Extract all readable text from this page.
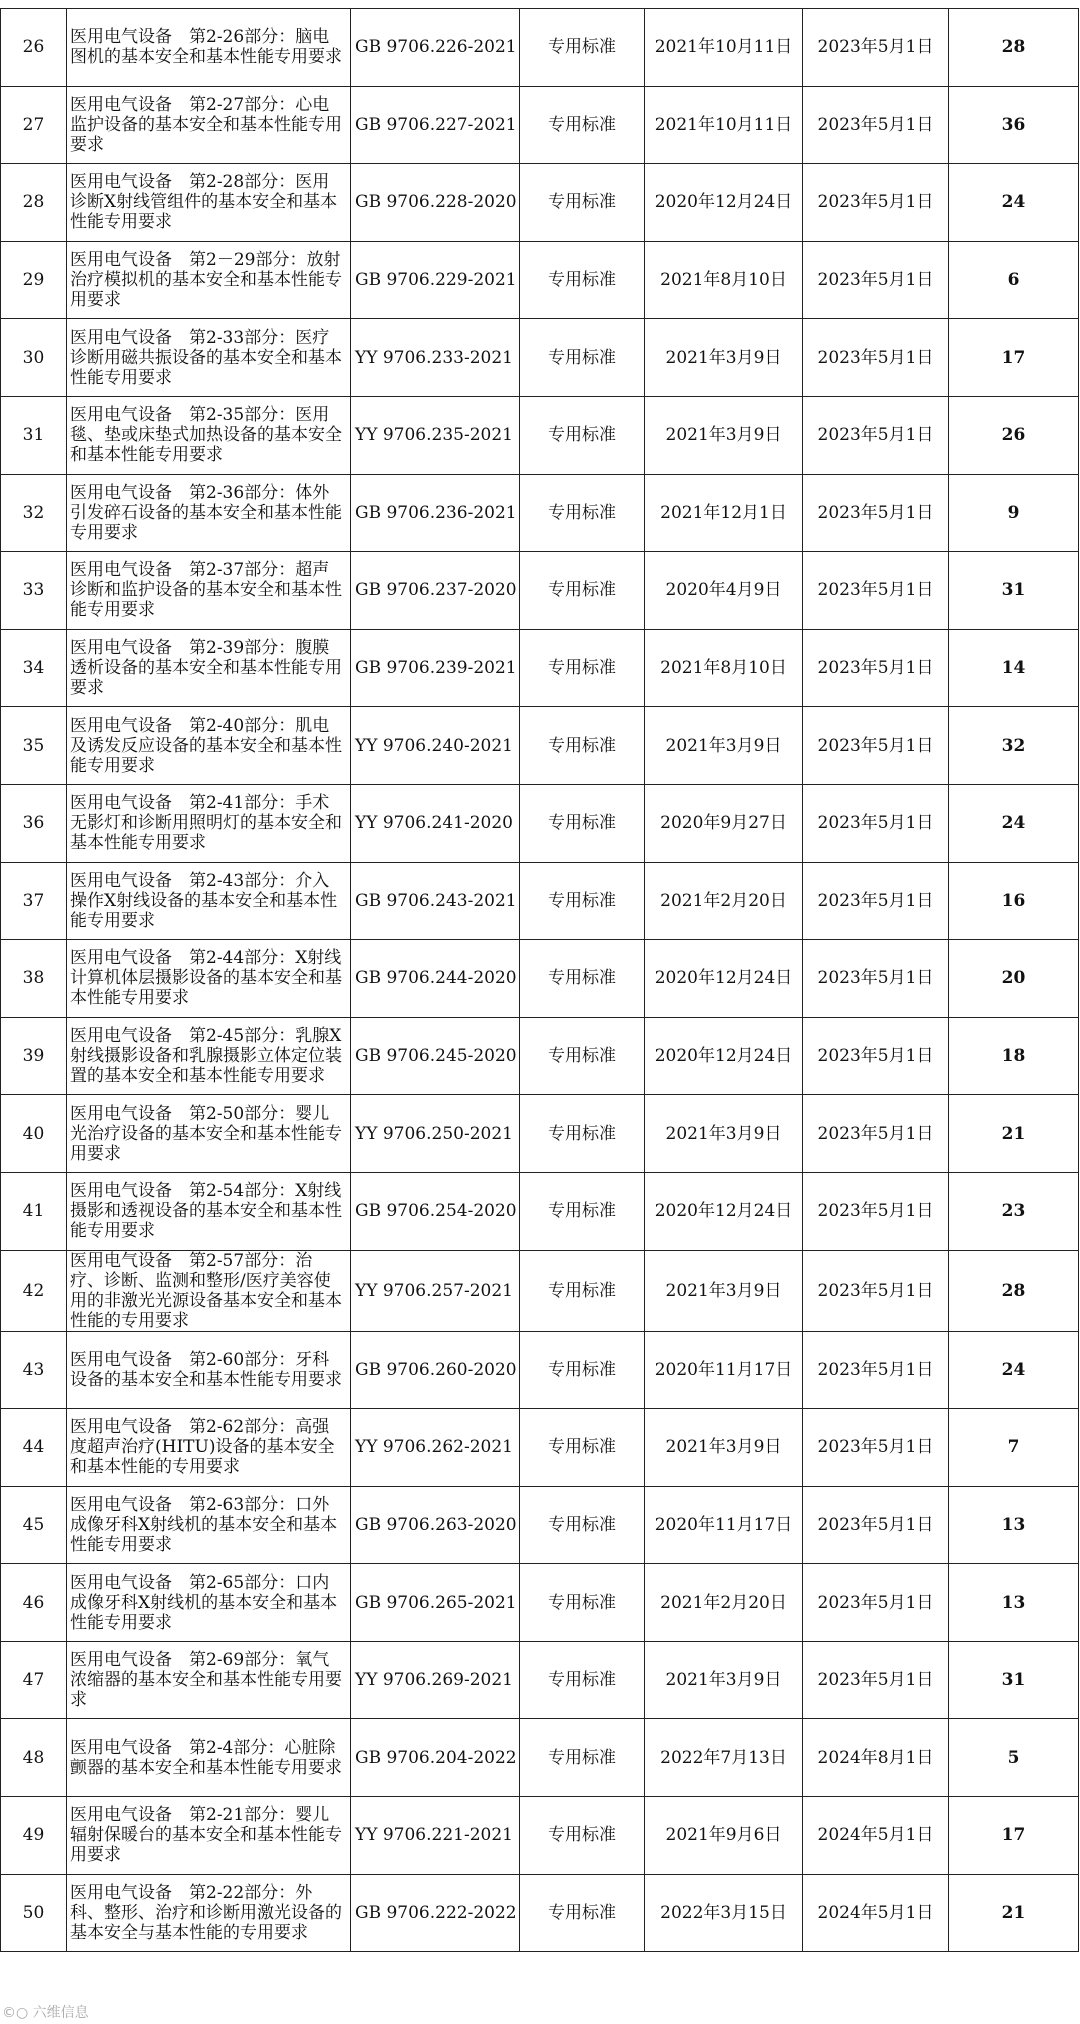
26	医用电气设备　第2-26部分：脑电图机的基本安全和基本性能专用要求	GB 9706.226-2021	专用标准	2021年10月11日	2023年5月1日	28
27	医用电气设备　第2-27部分：心电监护设备的基本安全和基本性能专用要求	GB 9706.227-2021	专用标准	2021年10月11日	2023年5月1日	36
28	医用电气设备　第2-28部分：医用诊断X射线管组件的基本安全和基本性能专用要求	GB 9706.228-2020	专用标准	2020年12月24日	2023年5月1日	24
29	医用电气设备　第2－29部分：放射治疗模拟机的基本安全和基本性能专用要求	GB 9706.229-2021	专用标准	2021年8月10日	2023年5月1日	6
30	医用电气设备　第2-33部分：医疗诊断用磁共振设备的基本安全和基本性能专用要求	YY 9706.233-2021	专用标准	2021年3月9日	2023年5月1日	17
31	医用电气设备　第2-35部分：医用毯、垫或床垫式加热设备的基本安全和基本性能专用要求	YY 9706.235-2021	专用标准	2021年3月9日	2023年5月1日	26
32	医用电气设备　第2-36部分：体外引发碎石设备的基本安全和基本性能专用要求	GB 9706.236-2021	专用标准	2021年12月1日	2023年5月1日	9
33	医用电气设备　第2-37部分：超声诊断和监护设备的基本安全和基本性能专用要求	GB 9706.237-2020	专用标准	2020年4月9日	2023年5月1日	31
34	医用电气设备　第2-39部分：腹膜透析设备的基本安全和基本性能专用要求	GB 9706.239-2021	专用标准	2021年8月10日	2023年5月1日	14
35	医用电气设备　第2-40部分：肌电及诱发反应设备的基本安全和基本性能专用要求	YY 9706.240-2021	专用标准	2021年3月9日	2023年5月1日	32
36	医用电气设备　第2-41部分：手术无影灯和诊断用照明灯的基本安全和基本性能专用要求	YY 9706.241-2020	专用标准	2020年9月27日	2023年5月1日	24
37	医用电气设备　第2-43部分：介入操作X射线设备的基本安全和基本性能专用要求	GB 9706.243-2021	专用标准	2021年2月20日	2023年5月1日	16
38	医用电气设备　第2-44部分：X射线计算机体层摄影设备的基本安全和基本性能专用要求	GB 9706.244-2020	专用标准	2020年12月24日	2023年5月1日	20
39	医用电气设备　第2-45部分：乳腺X射线摄影设备和乳腺摄影立体定位装置的基本安全和基本性能专用要求	GB 9706.245-2020	专用标准	2020年12月24日	2023年5月1日	18
40	医用电气设备　第2-50部分：婴儿光治疗设备的基本安全和基本性能专用要求	YY 9706.250-2021	专用标准	2021年3月9日	2023年5月1日	21
41	医用电气设备　第2-54部分：X射线摄影和透视设备的基本安全和基本性能专用要求	GB 9706.254-2020	专用标准	2020年12月24日	2023年5月1日	23
42	医用电气设备　第2-57部分：治疗、诊断、监测和整形/医疗美容使用的非激光光源设备基本安全和基本性能的专用要求	YY 9706.257-2021	专用标准	2021年3月9日	2023年5月1日	28
43	医用电气设备　第2-60部分：牙科设备的基本安全和基本性能专用要求	GB 9706.260-2020	专用标准	2020年11月17日	2023年5月1日	24
44	医用电气设备　第2-62部分：高强度超声治疗(HITU)设备的基本安全和基本性能的专用要求	YY 9706.262-2021	专用标准	2021年3月9日	2023年5月1日	7
45	医用电气设备　第2-63部分：口外成像牙科X射线机的基本安全和基本性能专用要求	GB 9706.263-2020	专用标准	2020年11月17日	2023年5月1日	13
46	医用电气设备　第2-65部分：口内成像牙科X射线机的基本安全和基本性能专用要求	GB 9706.265-2021	专用标准	2021年2月20日	2023年5月1日	13
47	医用电气设备　第2-69部分：氧气浓缩器的基本安全和基本性能专用要求	YY 9706.269-2021	专用标准	2021年3月9日	2023年5月1日	31
48	医用电气设备　第2-4部分：心脏除颤器的基本安全和基本性能专用要求	GB 9706.204-2022	专用标准	2022年7月13日	2024年8月1日	5
49	医用电气设备　第2-21部分：婴儿辐射保暖台的基本安全和基本性能专用要求	YY 9706.221-2021	专用标准	2021年9月6日	2024年5月1日	17
50	医用电气设备　第2-22部分：外科、整形、治疗和诊断用激光设备的基本安全与基本性能的专用要求	GB 9706.222-2022	专用标准	2022年3月15日	2024年5月1日	21
©○ 六维信息
